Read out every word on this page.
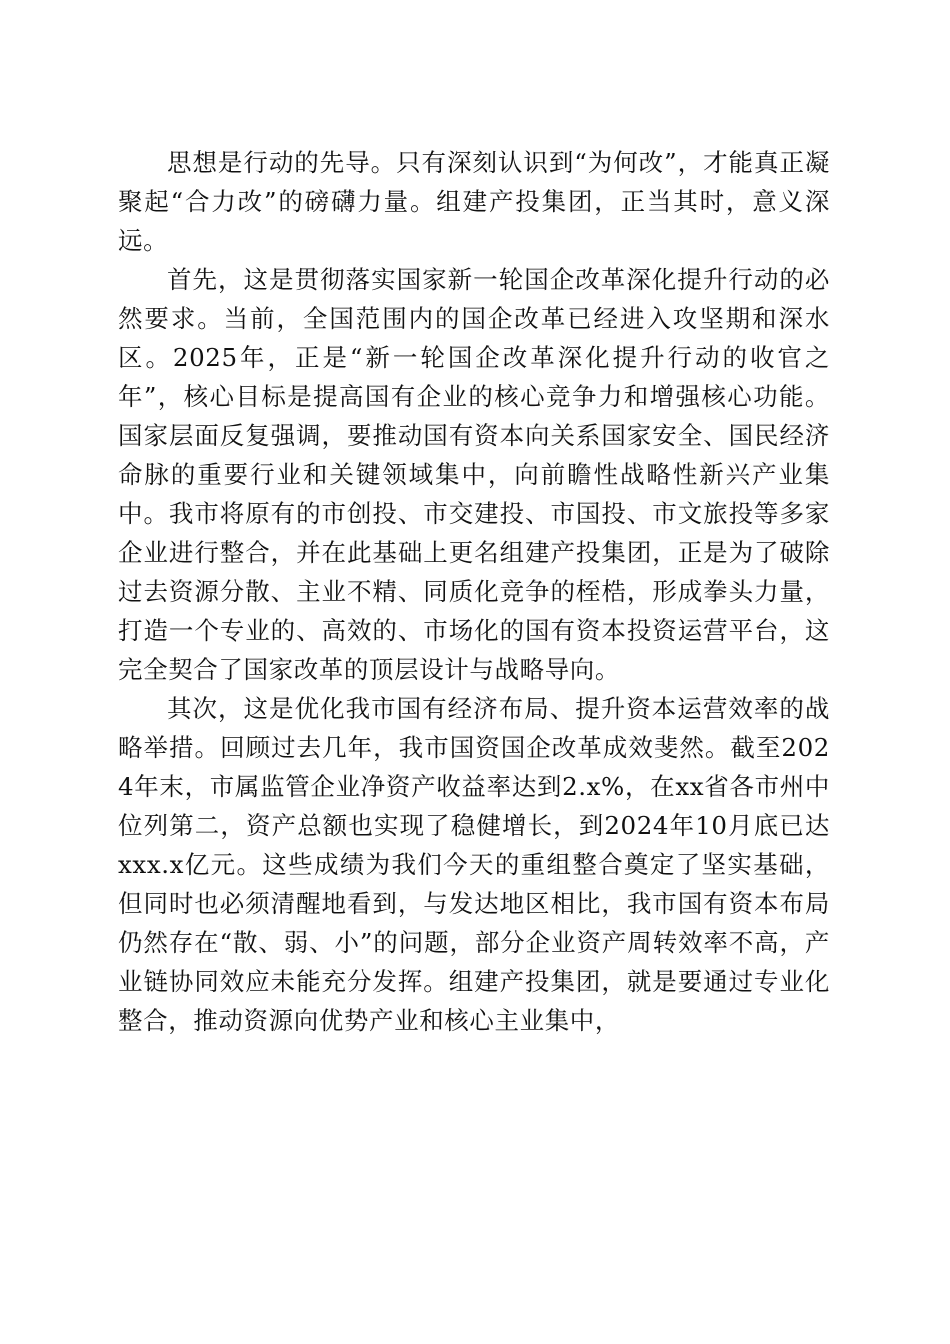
思想是行动的先导。只有深刻认识到“为何改”，才能真正凝聚起“合力改”的磅礴力量。组建产投集团，正当其时，意义深远。

首先，这是贯彻落实国家新一轮国企改革深化提升行动的必然要求。当前，全国范围内的国企改革已经进入攻坚期和深水区。2025年，正是“新一轮国企改革深化提升行动的收官之年”，核心目标是提高国有企业的核心竞争力和增强核心功能。国家层面反复强调，要推动国有资本向关系国家安全、国民经济命脉的重要行业和关键领域集中，向前瞻性战略性新兴产业集中。我市将原有的市创投、市交建投、市国投、市文旅投等多家企业进行整合，并在此基础上更名组建产投集团，正是为了破除过去资源分散、主业不精、同质化竞争的桎梏，形成拳头力量，打造一个专业的、高效的、市场化的国有资本投资运营平台，这完全契合了国家改革的顶层设计与战略导向。

其次，这是优化我市国有经济布局、提升资本运营效率的战略举措。回顾过去几年，我市国资国企改革成效斐然。截至2024年末，市属监管企业净资产收益率达到2.x%，在xx省各市州中位列第二，资产总额也实现了稳健增长，到2024年10月底已达xxx.x亿元。这些成绩为我们今天的重组整合奠定了坚实基础，但同时也必须清醒地看到，与发达地区相比，我市国有资本布局仍然存在“散、弱、小”的问题，部分企业资产周转效率不高，产业链协同效应未能充分发挥。组建产投集团，就是要通过专业化整合，推动资源向优势产业和核心主业集中，
